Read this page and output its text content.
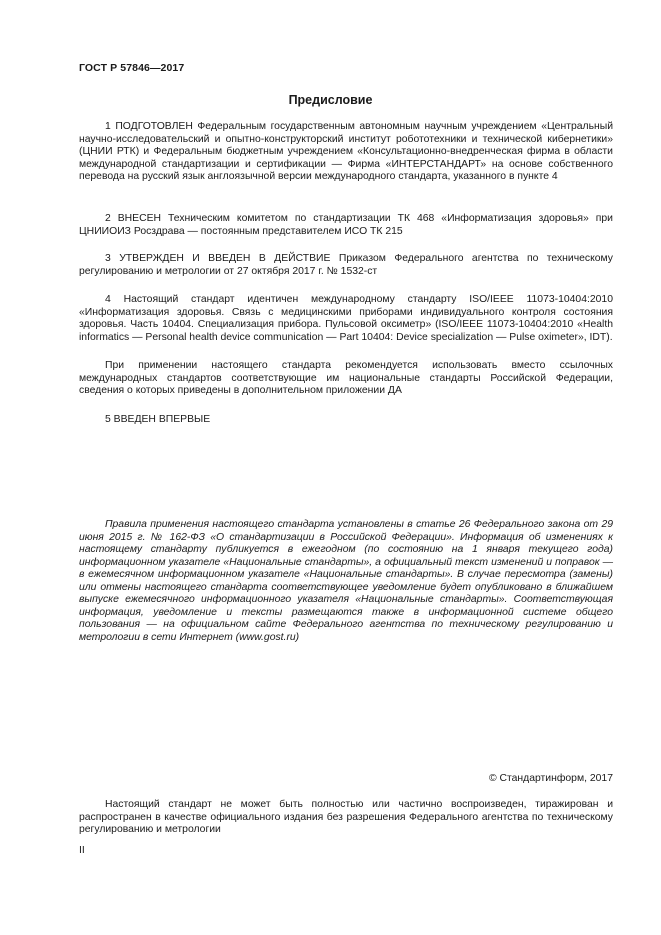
ГОСТ Р 57846—2017
Предисловие

1 ПОДГОТОВЛЕН Федеральным государственным автономным научным учреждением «Центральный научно-исследовательский и опытно-конструкторский институт робототехники и технической кибернетики» (ЦНИИ РТК) и Федеральным бюджетным учреждением «Консультационно-внедренческая фирма в области международной стандартизации и сертификации — Фирма «ИНТЕРСТАНДАРТ» на основе собственного перевода на русский язык англоязычной версии международного стандарта, указанного в пункте 4

2 ВНЕСЕН Техническим комитетом по стандартизации ТК 468 «Информатизация здоровья» при ЦНИИОИЗ Росздрава — постоянным представителем ИСО ТК 215

3 УТВЕРЖДЕН И ВВЕДЕН В ДЕЙСТВИЕ Приказом Федерального агентства по техническому регулированию и метрологии от 27 октября 2017 г. № 1532-ст

4 Настоящий стандарт идентичен международному стандарту ISO/IEEE 11073-10404:2010 «Информатизация здоровья. Связь с медицинскими приборами индивидуального контроля состояния здоровья. Часть 10404. Специализация прибора. Пульсовой оксиметр» (ISO/IEEE 11073-10404:2010 «Health informatics — Personal health device communication — Part 10404: Device specialization — Pulse oximeter», IDT).

При применении настоящего стандарта рекомендуется использовать вместо ссылочных международных стандартов соответствующие им национальные стандарты Российской Федерации, сведения о которых приведены в дополнительном приложении ДА

5 ВВЕДЕН ВПЕРВЫЕ

Правила применения настоящего стандарта установлены в статье 26 Федерального закона от 29 июня 2015 г. № 162-ФЗ «О стандартизации в Российской Федерации». Информация об изменениях к настоящему стандарту публикуется в ежегодном (по состоянию на 1 января текущего года) информационном указателе «Национальные стандарты», а официальный текст изменений и поправок — в ежемесячном информационном указателе «Национальные стандарты». В случае пересмотра (замены) или отмены настоящего стандарта соответствующее уведомление будет опубликовано в ближайшем выпуске ежемесячного информационного указателя «Национальные стандарты». Соответствующая информация, уведомление и тексты размещаются также в информационной системе общего пользования — на официальном сайте Федерального агентства по техническому регулированию и метрологии в сети Интернет (www.gost.ru)

© Стандартинформ, 2017

Настоящий стандарт не может быть полностью или частично воспроизведен, тиражирован и распространен в качестве официального издания без разрешения Федерального агентства по техническому регулированию и метрологии

II
